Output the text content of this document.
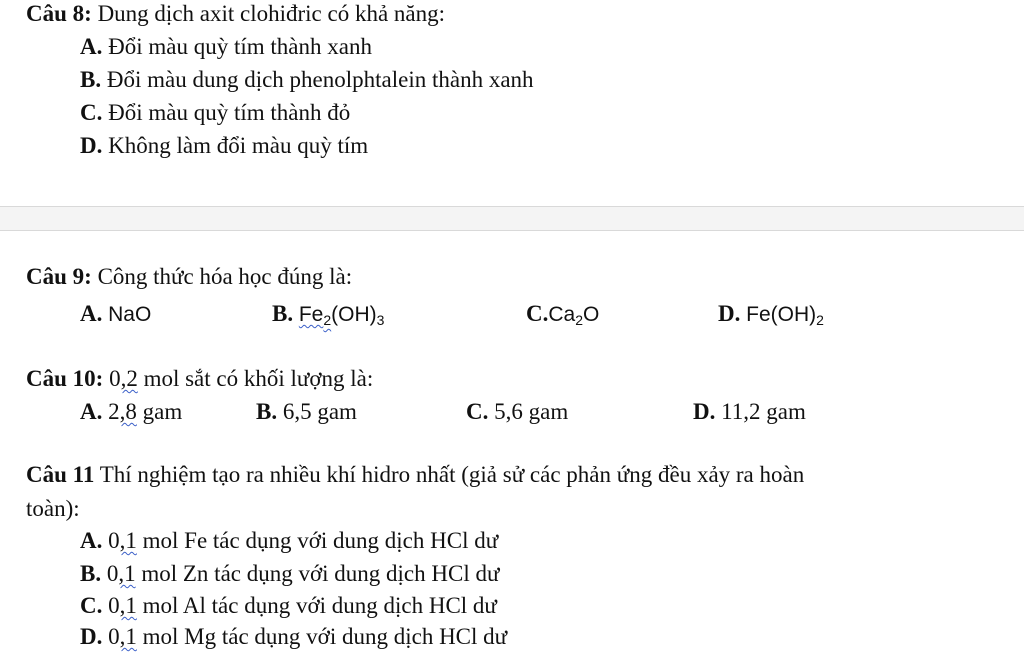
Câu 8: Dung dịch axit clohiđric có khả năng:
A. Đổi màu quỳ tím thành xanh
B. Đổi màu dung dịch phenolphtalein thành xanh
C. Đổi màu quỳ tím thành đỏ
D. Không làm đổi màu quỳ tím
Câu 9: Công thức hóa học đúng là:
A. NaO	B. $Fe_2(OH)_3$	$C.Ca_2O$	D. $Fe(OH)_2$
Câu 10: 0,2 mol sắt có khối lượng là:
A. 2,8 gam	B. 6,5 gam	C. 5,6 gam	D. 11,2 gam
Câu 11 Thí nghiệm tạo ra nhiều khí hidro nhất (giả sử các phản ứng đều xảy ra hoàn
toàn):
A. 0,1 mol Fe tác dụng với dung dịch HCl dư
B. 0,1 mol Zn tác dụng với dung dịch HCl dư
C. 0,1 mol Al tác dụng với dung dịch HCl dư
D. 0,1 mol Mg tác dụng với dung dịch HCl dư
